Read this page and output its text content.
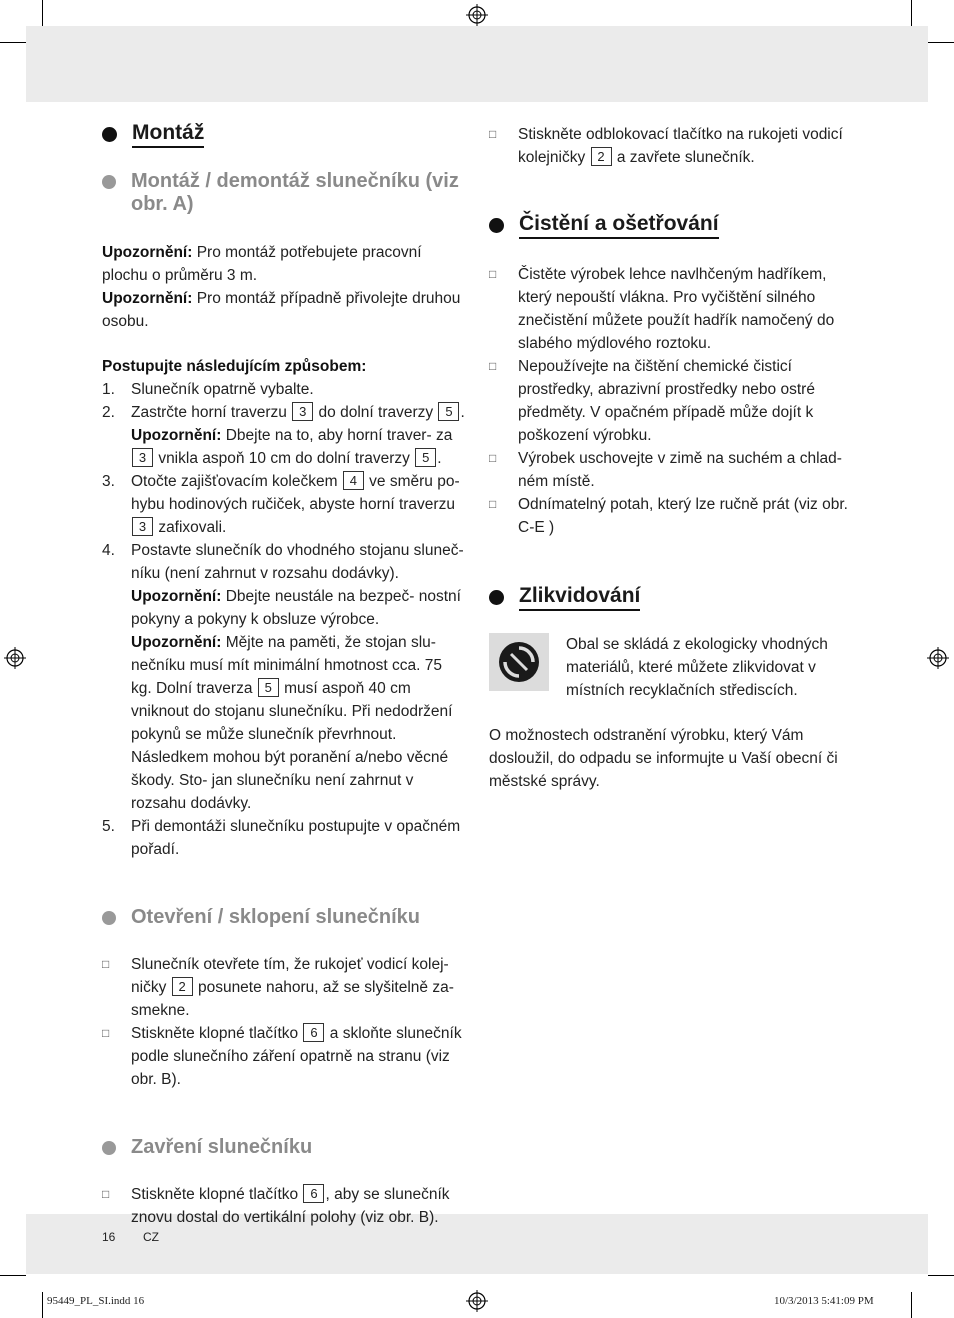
Montáž
Montáž / demontáž slunečníku (viz obr. A)

Upozornění: Pro montáž potřebujete pracovní plochu o průměru 3 m.

Upozornění: Pro montáž případně přivolejte druhou osobu.

Postupujte následujícím způsobem:

1.	Slunečník opatrně vybalte.
2.	Zastrčte horní traverzu 3 do dolní traverzy 5 .
Upozornění: Dbejte na to, aby horní traver- za 3 vnikla aspoň 10 cm do dolní traverzy 5 .
3.	Otočte zajišťovacím kolečkem 4 ve směru po- hybu hodinových ručiček, abyste horní traverzu 3 zafixovali.
4.	Postavte slunečník do vhodného stojanu sluneč- níku (není zahrnut v rozsahu dodávky).
Upozornění: Dbejte neustále na bezpeč- nostní pokyny a pokyny k obsluze výrobce.
Upozornění: Mějte na paměti, že stojan slu- nečníku musí mít minimální hmotnost cca. 75 kg. Dolní traverza 5 musí aspoň 40 cm vniknout do stojanu slunečníku. Při nedodržení pokynů se může slunečník převrhnout. Následkem mohou být poranění a/nebo věcné škody. Sto- jan slunečníku není zahrnut v rozsahu dodávky.
5.	Při demontáži slunečníku postupujte v opačném pořadí.
Otevření / sklopení slunečníku
□	Slunečník otevřete tím, že rukojeť vodicí kolej- ničky 2 posunete nahoru, až se slyšitelně za- smekne.
□	Stiskněte klopné tlačítko 6 a skloňte slunečník podle slunečního záření opatrně na stranu (viz obr. B).
Zavření slunečníku
□	Stiskněte klopné tlačítko 6 , aby se slunečník znovu dostal do vertikální polohy (viz obr. B).
□	Stiskněte odblokovací tlačítko na rukojeti vodicí kolejničky 2 a zavřete slunečník.
Čistění a ošetřování
□	Čistěte výrobek lehce navlhčeným hadříkem, který nepouští vlákna. Pro vyčištění silného znečistění můžete použít hadřík namočený do slabého mýdlového roztoku.
□	Nepoužívejte na čištění chemické čisticí prostředky, abrazivní prostředky nebo ostré předměty. V opačném případě může dojít k poškození výrobku.
□	Výrobek uschovejte v zimě na suchém a chlad- ném místě.
□	Odnímatelný potah, který lze ručně prát (viz obr. C-E )
Zlikvidování

Obal se skládá z ekologicky vhodných materiálů, které můžete zlikvidovat v místních recyklačních střediscích.

O možnostech odstranění výrobku, který Vám dosloužil, do odpadu se informujte u Vaší obecní či městské správy.

16 CZ
95449_PL_SI.indd 16	10/3/2013 5:41:09 PM
